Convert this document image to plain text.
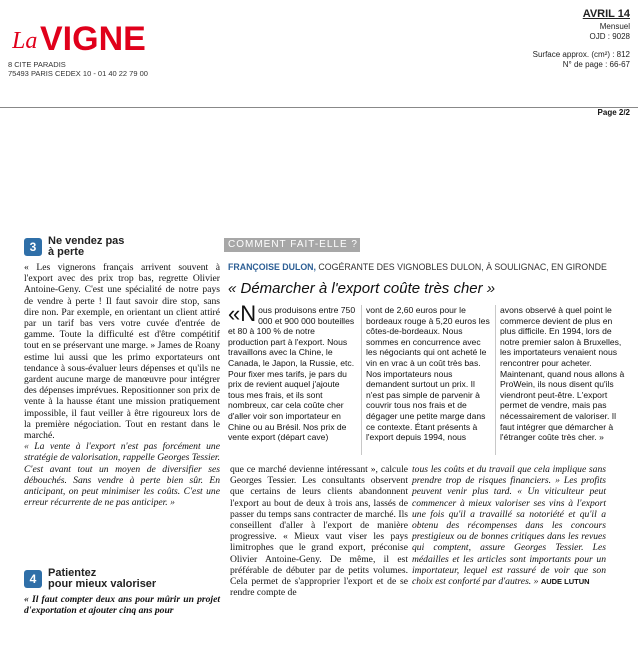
La VIGNE
8 CITE PARADIS
75493 PARIS CEDEX 10 - 01 40 22 79 00
AVRIL 14
Mensuel
OJD : 9028
Surface approx. (cm²) : 812
N° de page : 66-67
Page 2/2
3	Ne vendez pas
à perte

« Les vignerons français arrivent souvent à l'export avec des prix trop bas, regrette Olivier Antoine-Geny. C'est une spécialité de notre pays de vendre à perte ! Il faut savoir dire stop, sans dire non. Par exemple, en orientant un client attiré par un tarif bas vers votre cuvée d'entrée de gamme. Toute la difficulté est d'être compétitif tout en se préservant une marge. » James de Roany estime lui aussi que les primo exportateurs ont tendance à sous-évaluer leurs dépenses et qu'ils ne gardent aucune marge de manœuvre pour intégrer des dépenses imprévues. Repositionner son prix de vente à la hausse étant une mission pratiquement impossible, il faut veiller à être rigoureux lors de la première négociation. Tout en restant dans le marché.

« La vente à l'export n'est pas forcément une stratégie de valorisation, rappelle Georges Tessier. C'est avant tout un moyen de diversifier ses débouchés. Sans vendre à perte bien sûr. En anticipant, on peut minimiser les coûts. C'est une erreur récurrente de ne pas anticiper. »

4	Patientez
pour mieux valoriser
« Il faut compter deux ans pour mûrir un projet d'exportation et ajouter cinq ans pour
COMMENT FAIT-ELLE ?
FRANÇOISE DULON, COGÉRANTE DES VIGNOBLES DULON, À SOULIGNAC, EN GIRONDE
« Démarcher à l'export coûte très cher »
«N ous produisons entre 750 000 et 900 000 bouteilles et 80 à 100 % de notre production part à l'export. Nous travaillons avec la Chine, le Canada, le Japon, la Russie, etc. Pour fixer mes tarifs, je pars du prix de revient auquel j'ajoute tous mes frais, et ils sont nombreux, car cela coûte cher d'aller voir son importateur en Chine ou au Brésil. Nos prix de vente export (départ cave)
vont de 2,60 euros pour le bordeaux rouge à 5,20 euros les côtes-de-bordeaux. Nous sommes en concurrence avec les négociants qui ont acheté le vin en vrac à un coût très bas. Nos importateurs nous demandent surtout un prix. Il n'est pas simple de parvenir à couvrir tous nos frais et de dégager une petite marge dans ce contexte. Étant présents à l'export depuis 1994, nous
avons observé à quel point le commerce devient de plus en plus difficile. En 1994, lors de notre premier salon à Bruxelles, les importateurs venaient nous rencontrer pour acheter. Maintenant, quand nous allons à ProWein, ils nous disent qu'ils viendront peut-être. L'export permet de vendre, mais pas nécessairement de valoriser. Il faut intégrer que démarcher à l'étranger coûte très cher. »
que ce marché devienne intéressant », calcule Georges Tessier. Les consultants observent que certains de leurs clients abandonnent l'export au bout de deux à trois ans, lassés de passer du temps sans contracter de marché. Ils conseillent d'aller à l'export de manière progressive. « Mieux vaut viser les pays limitrophes que le grand export, préconise Olivier Antoine-Geny. De même, il est préférable de débuter par de petits volumes. Cela permet de s'approprier l'export et de se rendre compte de
tous les coûts et du travail que cela implique sans prendre trop de risques financiers. » Les profits peuvent venir plus tard. « Un viticulteur peut commencer à mieux valoriser ses vins à l'export une fois qu'il a travaillé sa notoriété et qu'il a obtenu des récompenses dans les concours prestigieux ou de bonnes critiques dans les revues qui comptent, assure Georges Tessier. Les médailles et les articles sont importants pour un importateur, lequel est rassuré de voir que son choix est conforté par d'autres. » AUDE LUTUN
